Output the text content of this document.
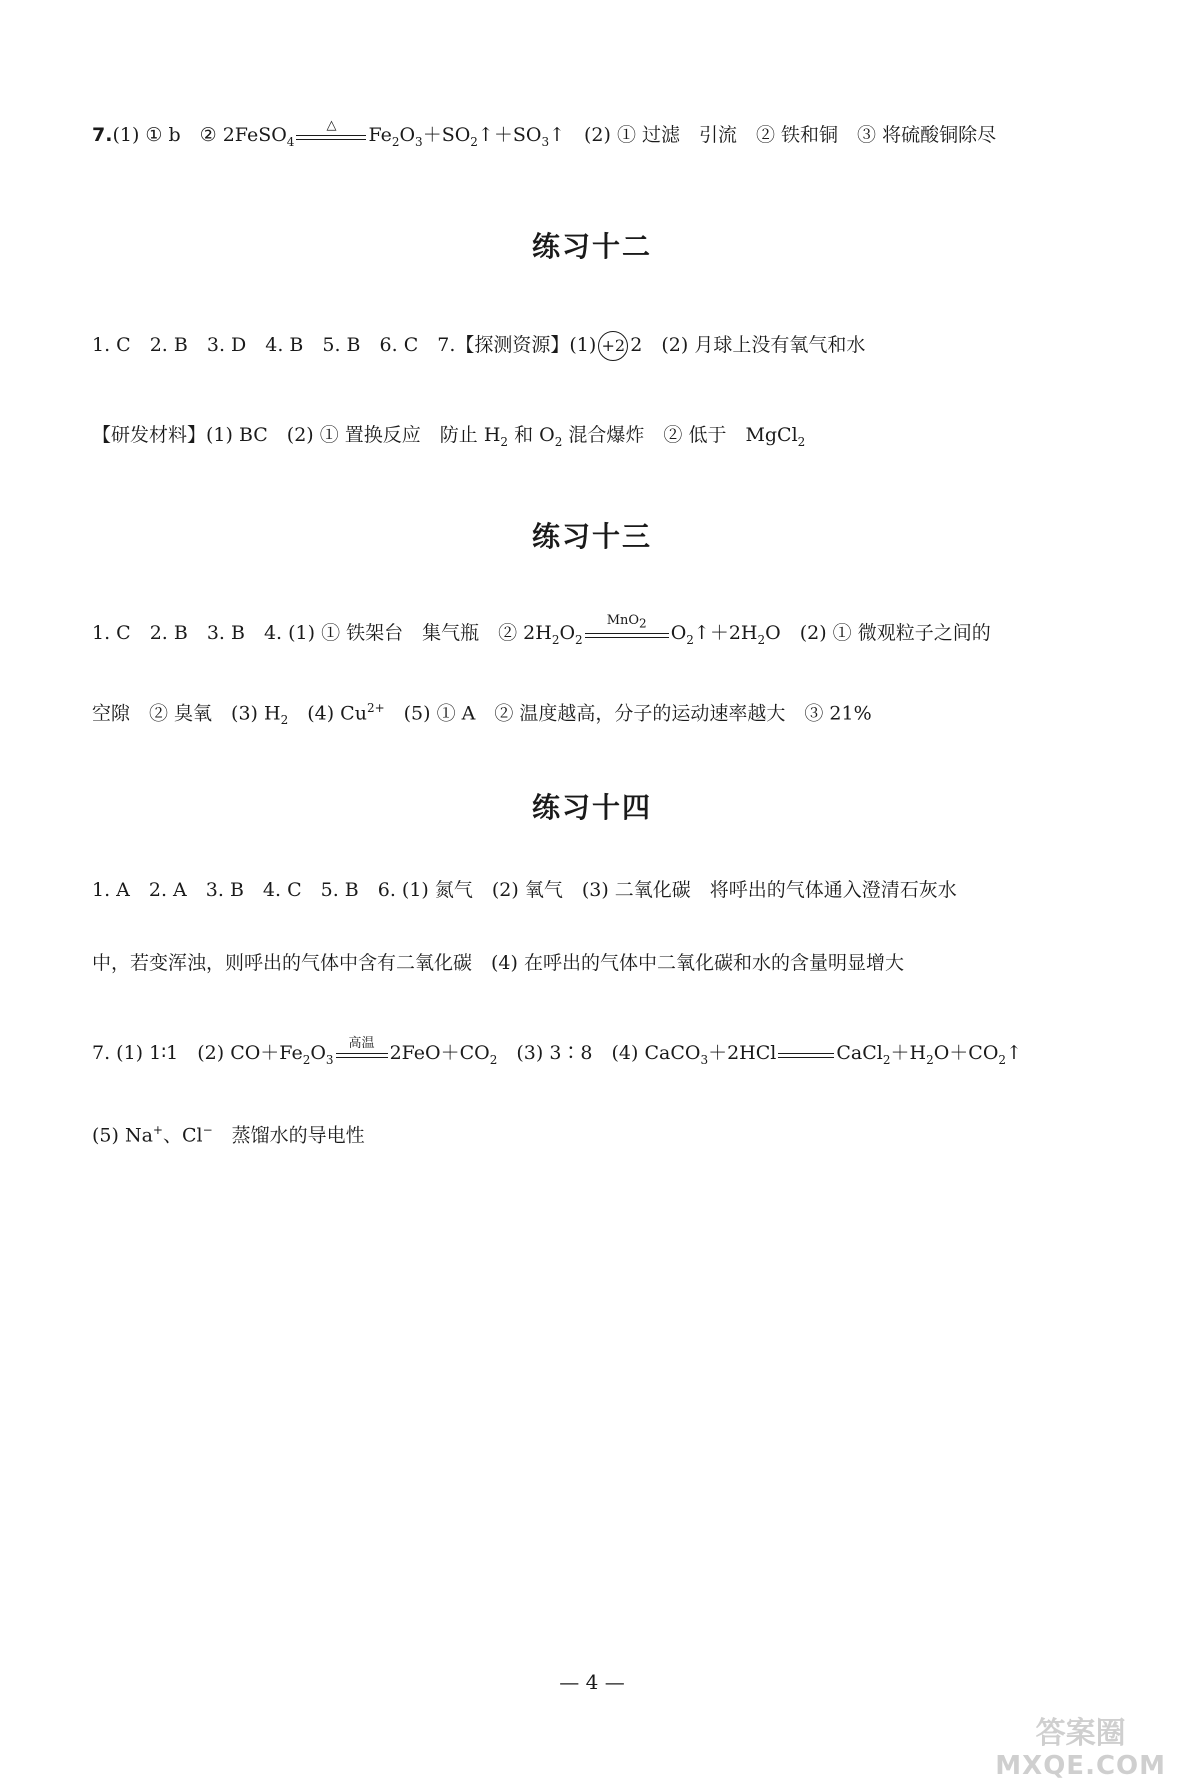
7.(1) ① b　② 2FeSO$_4$
△	$Fe_2O_3+SO_2↑+SO_3↑$　(2) ① 过滤　引流　② 铁和铜　③ 将硫酸铜除尽
练习十二
1. C　2. B　3. D　4. B　5. B　6. C　7.【探测资源】(1) +2 2　(2) 月球上没有氧气和水
【研发材料】(1) BC　(2) ① 置换反应　防止 $H_2$ 和 $O_2$ 混合爆炸　② 低于　MgCl$_2$
练习十三
1. C　2. B　3. B　4. (1) ① 铁架台　集气瓶　② $2H_2O_2$
MnO$_2$	$O_2↑+2H_2O$　(2) ① 微观粒子之间的
空隙　② 臭氧　(3) $H_2$　(4) $Cu^{2+}$　(5) ① A　② 温度越高，分子的运动速率越大　③ 21%
练习十四
1. A　2. A　3. B　4. C　5. B　6. (1) 氮气　(2) 氧气　(3) 二氧化碳　将呼出的气体通入澄清石灰水
中，若变浑浊，则呼出的气体中含有二氧化碳　(4) 在呼出的气体中二氧化碳和水的含量明显增大
7. (1) 1∶1　(2) $CO+Fe_2O_3$
高温 $2FeO+CO_2$　(3) 3∶8　(4) CaCO$_3$＋2HCl	$CaCl_2+H_2O+CO_2↑$
(5) Na+、Cl−　蒸馏水的导电性
— 4 —
答案圈
MXQE.COM
